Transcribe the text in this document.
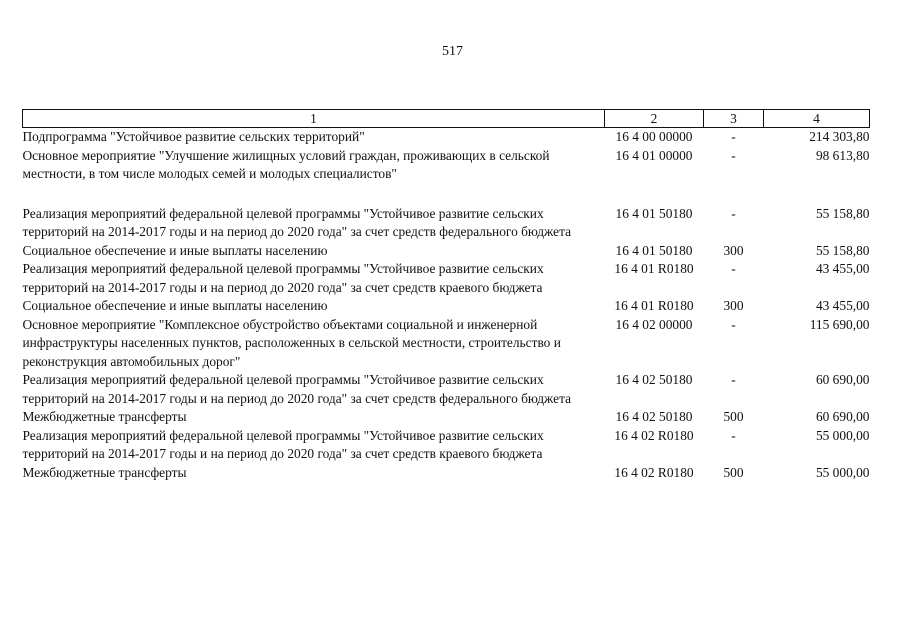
517
1	2	3	4
Подпрограмма "Устойчивое развитие сельских территорий"	16 4 00 00000	-	214 303,80
Основное мероприятие "Улучшение жилищных условий граждан, проживающих в сельской местности, в том числе молодых семей и молодых специалистов"	16 4 01 00000	-	98 613,80

Реализация мероприятий федеральной целевой программы "Устойчивое развитие сельских территорий на 2014-2017 годы и на период до 2020 года" за счет средств федерального бюджета	16 4 01 50180	-	55 158,80
Социальное обеспечение и иные выплаты населению	16 4 01 50180	300	55 158,80
Реализация мероприятий федеральной целевой программы "Устойчивое развитие сельских территорий на 2014-2017 годы и на период до 2020 года" за счет средств краевого бюджета	16 4 01 R0180	-	43 455,00
Социальное обеспечение и иные выплаты населению	16 4 01 R0180	300	43 455,00
Основное мероприятие "Комплексное обустройство объектами социальной и инженерной инфраструктуры населенных пунктов, расположенных в сельской местности, строительство и реконструкция автомобильных дорог"	16 4 02 00000	-	115 690,00
Реализация мероприятий федеральной целевой программы "Устойчивое развитие сельских территорий на 2014-2017 годы и на период до 2020 года" за счет средств федерального бюджета	16 4 02 50180	-	60 690,00
Межбюджетные трансферты	16 4 02 50180	500	60 690,00
Реализация мероприятий федеральной целевой программы "Устойчивое развитие сельских территорий на 2014-2017 годы и на период до 2020 года" за счет средств краевого бюджета	16 4 02 R0180	-	55 000,00
Межбюджетные трансферты	16 4 02 R0180	500	55 000,00
